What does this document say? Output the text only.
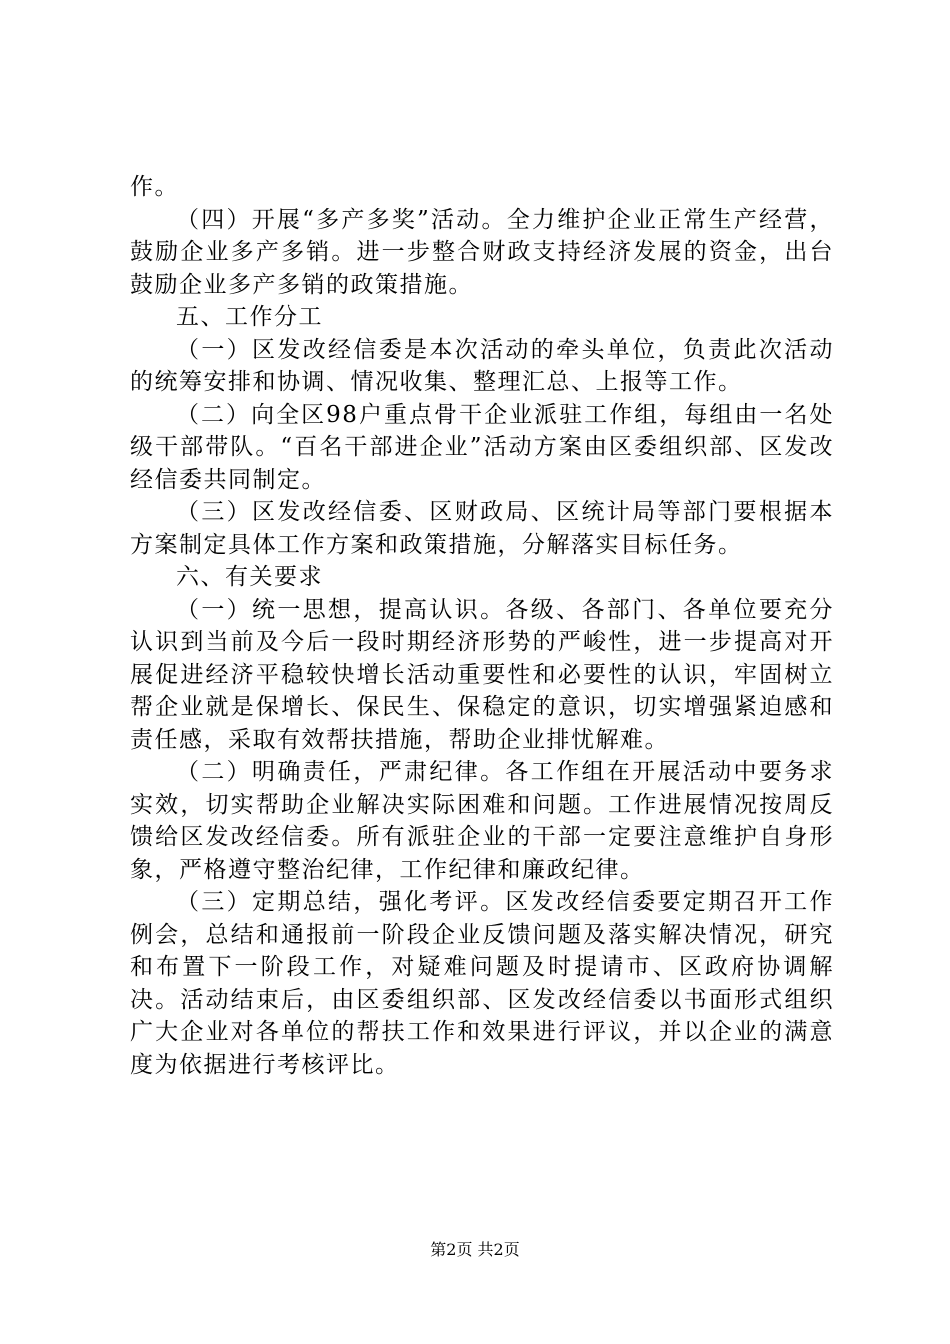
作。

（四）开展“多产多奖”活动。全力维护企业正常生产经营，鼓励企业多产多销。进一步整合财政支持经济发展的资金，出台鼓励企业多产多销的政策措施。

五、工作分工

（一）区发改经信委是本次活动的牵头单位，负责此次活动的统筹安排和协调、情况收集、整理汇总、上报等工作。

（二）向全区98户重点骨干企业派驻工作组，每组由一名处级干部带队。“百名干部进企业”活动方案由区委组织部、区发改经信委共同制定。

（三）区发改经信委、区财政局、区统计局等部门要根据本方案制定具体工作方案和政策措施，分解落实目标任务。

六、有关要求

（一）统一思想，提高认识。各级、各部门、各单位要充分认识到当前及今后一段时期经济形势的严峻性，进一步提高对开展促进经济平稳较快增长活动重要性和必要性的认识，牢固树立帮企业就是保增长、保民生、保稳定的意识，切实增强紧迫感和责任感，采取有效帮扶措施，帮助企业排忧解难。

（二）明确责任，严肃纪律。各工作组在开展活动中要务求实效，切实帮助企业解决实际困难和问题。工作进展情况按周反馈给区发改经信委。所有派驻企业的干部一定要注意维护自身形象，严格遵守整治纪律，工作纪律和廉政纪律。

（三）定期总结，强化考评。区发改经信委要定期召开工作例会，总结和通报前一阶段企业反馈问题及落实解决情况，研究和布置下一阶段工作，对疑难问题及时提请市、区政府协调解决。活动结束后，由区委组织部、区发改经信委以书面形式组织广大企业对各单位的帮扶工作和效果进行评议，并以企业的满意度为依据进行考核评比。

第2页 共2页
